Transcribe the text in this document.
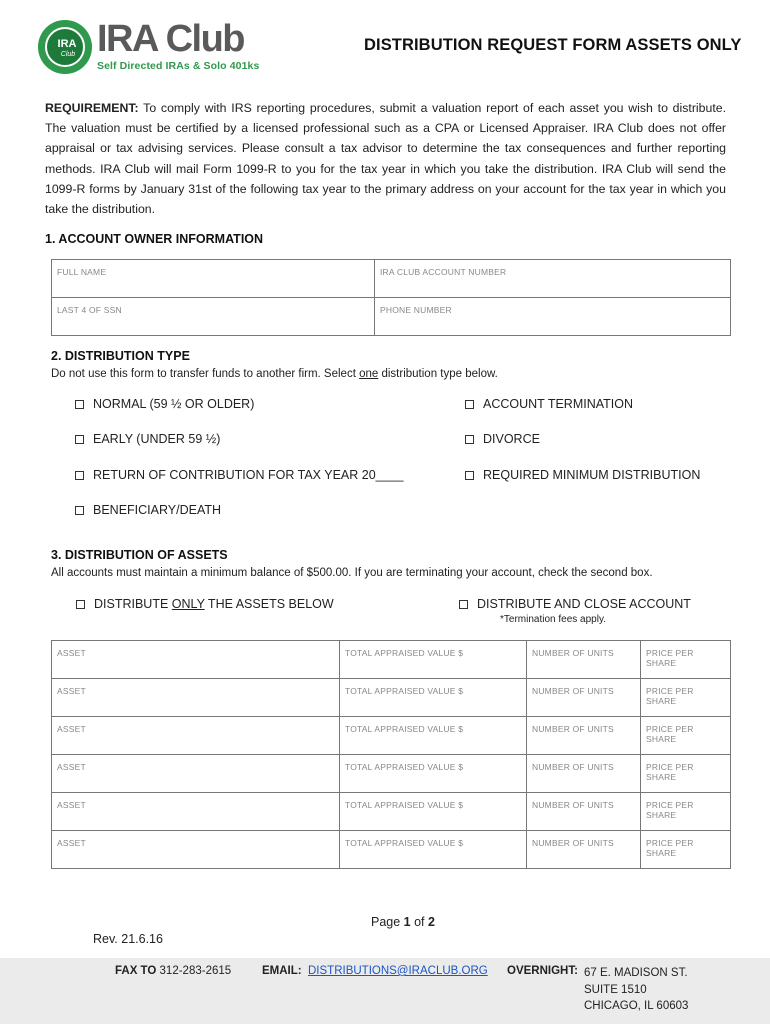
IRA
Club IRA Club
Self Directed IRAs & Solo 401ks
DISTRIBUTION REQUEST FORM ASSETS ONLY
REQUIREMENT: To comply with IRS reporting procedures, submit a valuation report of each asset you wish to distribute. The valuation must be certified by a licensed professional such as a CPA or Licensed Appraiser. IRA Club does not offer appraisal or tax advising services. Please consult a tax advisor to determine the tax consequences and further reporting methods. IRA Club will mail Form 1099-R to you for the tax year in which you take the distribution. IRA Club will send the 1099-R forms by January 31st of the following tax year to the primary address on your account for the tax year in which you take the distribution.
1. ACCOUNT OWNER INFORMATION
FULL NAME	IRA CLUB ACCOUNT NUMBER
LAST 4 OF SSN	PHONE NUMBER
2. DISTRIBUTION TYPE
Do not use this form to transfer funds to another firm. Select one distribution type below.
NORMAL (59 ½ OR OLDER)	ACCOUNT TERMINATION
EARLY (UNDER 59 ½)	DIVORCE
RETURN OF CONTRIBUTION FOR TAX YEAR 20____	REQUIRED MINIMUM DISTRIBUTION
BENEFICIARY/DEATH
3. DISTRIBUTION OF ASSETS
All accounts must maintain a minimum balance of $500.00. If you are terminating your account, check the second box.
DISTRIBUTE ONLY THE ASSETS BELOW	DISTRIBUTE AND CLOSE ACCOUNT
*Termination fees apply.
ASSET	TOTAL APPRAISED VALUE $	NUMBER OF UNITS	PRICE PER SHARE
ASSET	TOTAL APPRAISED VALUE $	NUMBER OF UNITS	PRICE PER SHARE
ASSET	TOTAL APPRAISED VALUE $	NUMBER OF UNITS	PRICE PER SHARE
ASSET	TOTAL APPRAISED VALUE $	NUMBER OF UNITS	PRICE PER SHARE
ASSET	TOTAL APPRAISED VALUE $	NUMBER OF UNITS	PRICE PER SHARE
ASSET	TOTAL APPRAISED VALUE $	NUMBER OF UNITS	PRICE PER SHARE
Page 1 of 2
Rev. 21.6.16
FAX TO 312-283-2615	EMAIL: DISTRIBUTIONS@IRACLUB.ORG OVERNIGHT: 67 E. MADISON ST.
SUITE 1510
CHICAGO, IL 60603
